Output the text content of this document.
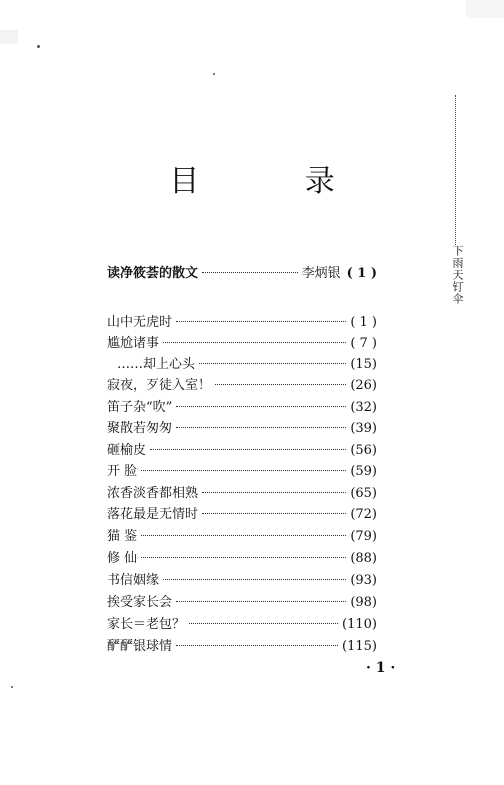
目 录
下雨天钉伞
读净筱荟的散文	李炳银 ( 1 )
山中无虎时	( 1 )
尴尬诸事	( 7 )
……却上心头	(15)
寂夜，歹徒入室！	(26)
笛子杂“吹”	(32)
聚散若匆匆	(39)
砸榆皮	(56)
开 脸	(59)
浓香淡香都相熟	(65)
落花最是无情时	(72)
猫 鉴	(79)
修 仙	(88)
书信姻缘	(93)
挨受家长会	(98)
家长＝老包？	(110)
酽酽银球情	(115)
· 1 ·
